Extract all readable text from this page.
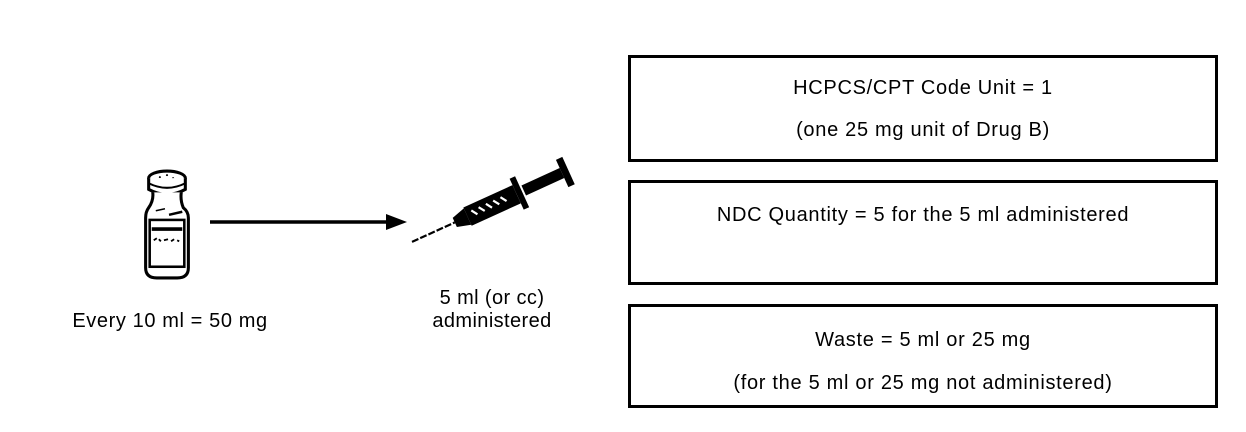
Every 10 ml = 50 mg
5 ml (or cc)
administered
HCPCS/CPT Code Unit = 1
(one 25 mg unit of Drug B)
NDC Quantity = 5 for the 5 ml administered
Waste = 5 ml or 25 mg
(for the 5 ml or 25 mg not administered)
